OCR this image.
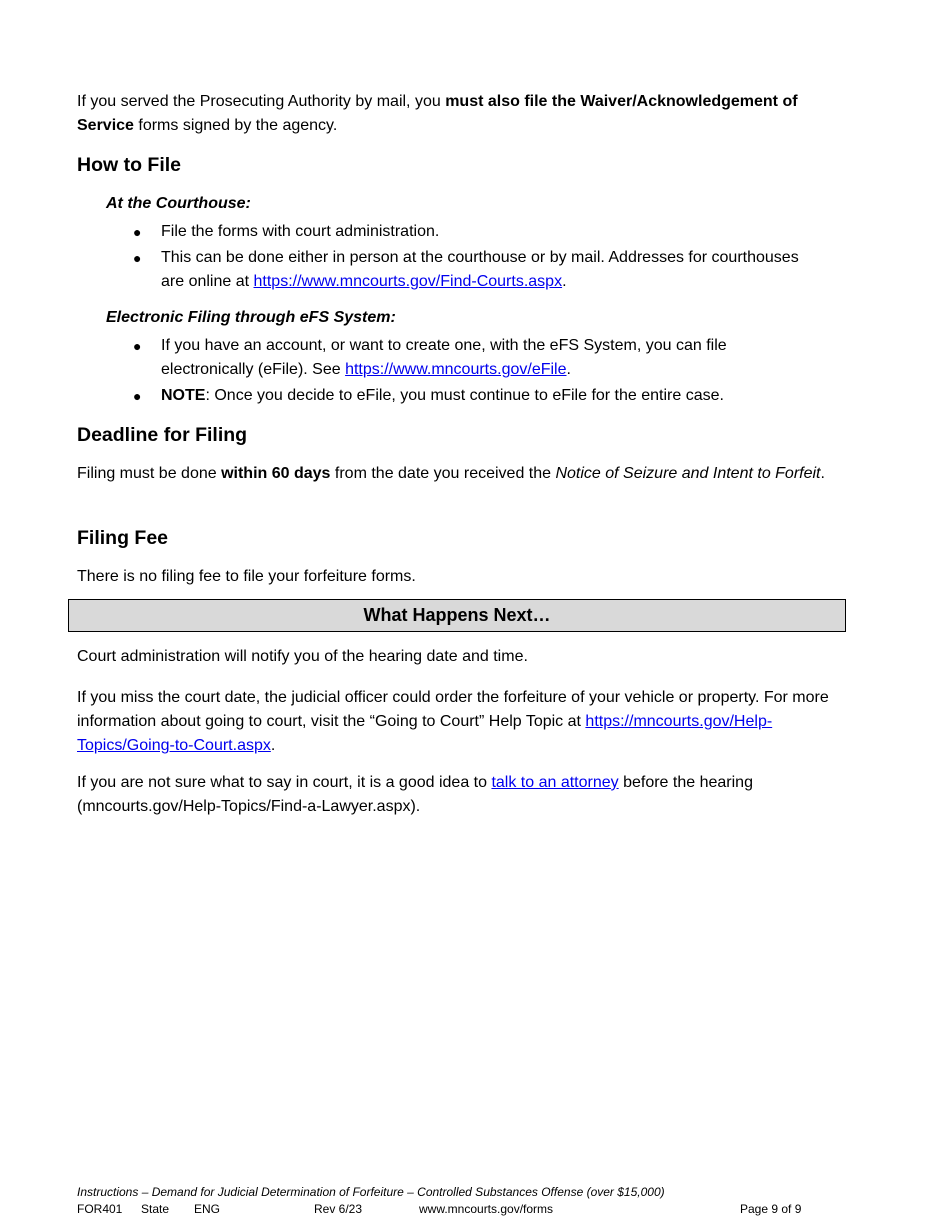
If you served the Prosecuting Authority by mail, you must also file the Waiver/Acknowledgement of Service forms signed by the agency.

How to File
At the Courthouse:
● File the forms with court administration.
● This can be done either in person at the courthouse or by mail. Addresses for courthouses are online at https://www.mncourts.gov/Find-Courts.aspx.
Electronic Filing through eFS System:
● If you have an account, or want to create one, with the eFS System, you can file electronically (eFile). See https://www.mncourts.gov/eFile.
● NOTE: Once you decide to eFile, you must continue to eFile for the entire case.
Deadline for Filing

Filing must be done within 60 days from the date you received the Notice of Seizure and Intent to Forfeit.

Filing Fee

There is no filing fee to file your forfeiture forms.

What Happens Next…

Court administration will notify you of the hearing date and time.

If you miss the court date, the judicial officer could order the forfeiture of your vehicle or property. For more information about going to court, visit the “Going to Court” Help Topic at https://mncourts.gov/Help-Topics/Going-to-Court.aspx.

If you are not sure what to say in court, it is a good idea to talk to an attorney before the hearing (mncourts.gov/Help-Topics/Find-a-Lawyer.aspx).

Instructions – Demand for Judicial Determination of Forfeiture – Controlled Substances Offense (over $15,000)
FOR401 State ENG	Rev 6/23	www.mncourts.gov/forms	Page 9 of 9
